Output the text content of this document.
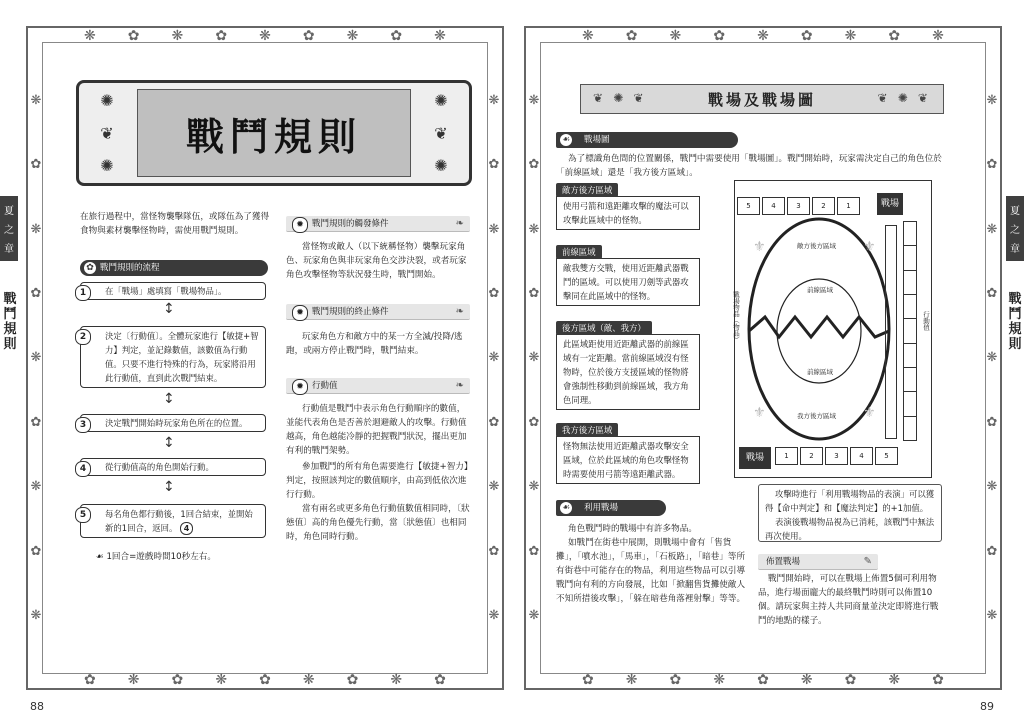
❋ ✿ ❋ ✿ ❋ ✿ ❋ ✿ ❋
✿ ❋ ✿ ❋ ✿ ❋ ✿ ❋ ✿
❋
✿
❋
✿
❋
✿
❋
✿
❋
❋
✿
❋
✿
❋
✿
❋
✿
❋
❋ ✿ ❋ ✿ ❋ ✿ ❋ ✿ ❋
✿ ❋ ✿ ❋ ✿ ❋ ✿ ❋ ✿
❋
✿
❋
✿
❋
✿
❋
✿
❋
❋
✿
❋
✿
❋
✿
❋
✿
❋
夏
之
章
戰
鬥
規
則
夏
之
章
戰
鬥
規
則
88	89
✺
❦
✺
戰鬥規則
✺
❦
✺
在旅行過程中，當怪物襲擊隊伍，或隊伍為了獲得食物與素材襲擊怪物時，需使用戰鬥規則。
✿ 戰鬥規則的流程
1	在「戰場」處填寫「戰場物品」。
↕
2	決定〔行動值〕。全體玩家進行【敏捷+智力】判定，並記錄數值，該數值為行動值。只要不進行特殊的行為，玩家將沿用此行動值，直到此次戰鬥結束。
↕
3	決定戰鬥開始時玩家角色所在的位置。
↕
4	從行動值高的角色開始行動。
↕
5	每名角色都行動後，1回合結束，並開始新的1回合，返回。 4
☙ 1回合=遊戲時間10秒左右。
✹ 戰鬥規則的觸發條件	❧
當怪物或敵人（以下統稱怪物）襲擊玩家角色、玩家角色與非玩家角色交涉決裂，或者玩家角色攻擊怪物等狀況發生時，戰鬥開始。
✹ 戰鬥規則的終止條件	❧
玩家角色方和敵方中的某一方全滅/投降/逃跑，或兩方停止戰鬥時，戰鬥結束。
✹ 行動值	❧
行動值是戰鬥中表示角色行動順序的數值，並能代表角色是否善於迴避敵人的攻擊。行動值越高，角色越能冷靜的把握戰鬥狀況，擺出更加有利的戰鬥架勢。
參加戰鬥的所有角色需要進行【敏捷+智力】判定，按照該判定的數值順序，由高到低依次進行行動。
當有兩名或更多角色行動值數值相同時，〔狀態值〕高的角色優先行動，當〔狀態值〕也相同時，角色同時行動。
❦ ✺ ❦	戰場及戰場圖	❦ ✺ ❦
☙ 戰場圖
為了標識角色間的位置關係，戰鬥中需要使用「戰場圖」。戰鬥開始時，玩家需決定自己的角色位於「前線區域」還是「我方後方區域」。
敵方後方區域
使用弓箭和遠距離攻擊的魔法可以攻擊此區域中的怪物。
前線區域
敵我雙方交戰，使用近距離武器戰鬥的區域。可以使用刀劍等武器攻擊同在此區域中的怪物。
後方區域（敵、我方）
此區域距使用近距離武器的前線區域有一定距離。當前線區域沒有怪物時，位於後方支援區域的怪物將會強制性移動到前線區域，我方角色同理。
我方後方區域
怪物無法使用近距離武器攻擊安全區域，位於此區域的角色攻擊怪物時需要使用弓箭等遠距離武器。
⚜	⚜
⚜	⚜
5	4	3	2	1	戰場
戰場	1	2	3	4	5
敵方後方區域
前線區域
前線區域
我方後方區域
戰場物品（物品）	行動值
☙ 利用戰場
角色戰鬥時的戰場中有許多物品。
如戰鬥在街巷中展開，則戰場中會有「售貨攤」，「噴水池」，「馬車」，「石板路」，「暗巷」等所有街巷中可能存在的物品，利用這些物品可以引導戰鬥向有利的方向發展，比如「掀翻售貨攤使敵人不知所措後攻擊」，「躲在暗巷角落裡射擊」等等。
攻擊時進行「利用戰場物品的表演」可以獲得【命中判定】和【魔法判定】的+1加值。
表演後戰場物品視為已消耗，該戰鬥中無法再次使用。
佈置戰場	✎
戰鬥開始時，可以在戰場上佈置5個可利用物品，進行場面龐大的最終戰鬥時則可以佈置10個。請玩家與主持人共同商量並決定即將進行戰鬥的地點的樣子。
